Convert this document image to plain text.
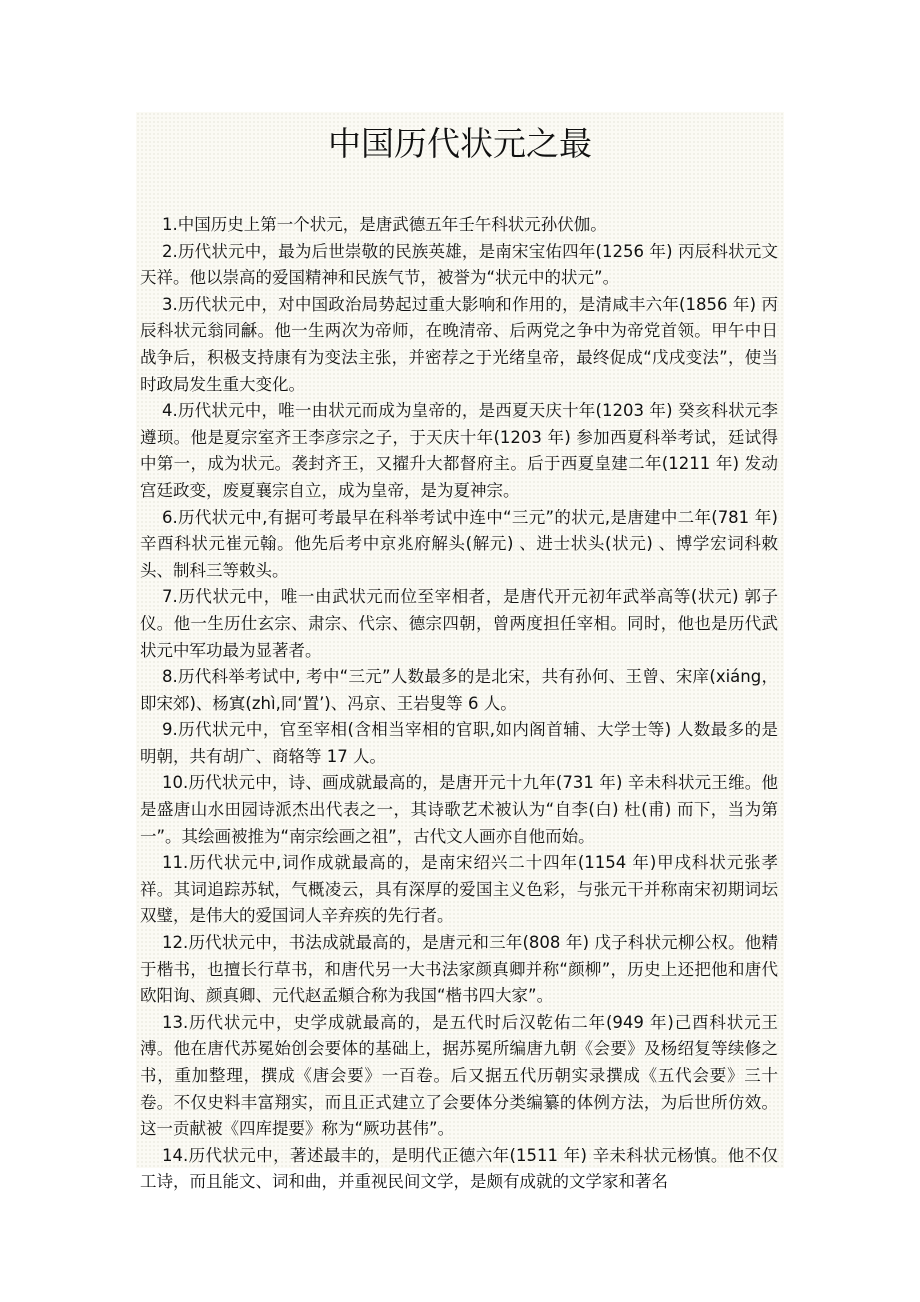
中国历代状元之最

1.中国历史上第一个状元，是唐武德五年壬午科状元孙伏伽。

2.历代状元中，最为后世崇敬的民族英雄，是南宋宝佑四年(1256 年) 丙辰科状元文天祥。他以崇高的爱国精神和民族气节，被誉为“状元中的状元”。

3.历代状元中，对中国政治局势起过重大影响和作用的，是清咸丰六年(1856 年) 丙辰科状元翁同龢。他一生两次为帝师，在晚清帝、后两党之争中为帝党首领。甲午中日战争后，积极支持康有为变法主张，并密荐之于光绪皇帝，最终促成“戊戌变法”，使当时政局发生重大变化。

4.历代状元中，唯一由状元而成为皇帝的，是西夏天庆十年(1203 年) 癸亥科状元李遵顼。他是夏宗室齐王李彦宗之子，于天庆十年(1203 年) 参加西夏科举考试，廷试得中第一，成为状元。袭封齐王，又擢升大都督府主。后于西夏皇建二年(1211 年) 发动宫廷政变，废夏襄宗自立，成为皇帝，是为夏神宗。

6.历代状元中,有据可考最早在科举考试中连中“三元”的状元,是唐建中二年(781 年) 辛酉科状元崔元翰。他先后考中京兆府解头(解元) 、进士状头(状元) 、博学宏词科敕头、制科三等敕头。

7.历代状元中，唯一由武状元而位至宰相者，是唐代开元初年武举高等(状元) 郭子仪。他一生历仕玄宗、肃宗、代宗、德宗四朝，曾两度担任宰相。同时，他也是历代武状元中军功最为显著者。

8.历代科举考试中, 考中“三元”人数最多的是北宋，共有孙何、王曾、宋庠(xiáng，即宋郊)、杨寘(zhì,同‘置’)、冯京、王岩叟等 6 人。

9.历代状元中，官至宰相(含相当宰相的官职,如内阁首辅、大学士等) 人数最多的是明朝，共有胡广、商辂等 17 人。

10.历代状元中，诗、画成就最高的，是唐开元十九年(731 年) 辛未科状元王维。他是盛唐山水田园诗派杰出代表之一，其诗歌艺术被认为“自李(白) 杜(甫) 而下，当为第一”。其绘画被推为“南宗绘画之祖”，古代文人画亦自他而始。

11.历代状元中,词作成就最高的，是南宋绍兴二十四年(1154 年)甲戌科状元张孝祥。其词追踪苏轼，气概凌云，具有深厚的爱国主义色彩，与张元干并称南宋初期词坛双璧，是伟大的爱国词人辛弃疾的先行者。

12.历代状元中，书法成就最高的，是唐元和三年(808 年) 戊子科状元柳公权。他精于楷书，也擅长行草书，和唐代另一大书法家颜真卿并称“颜柳”，历史上还把他和唐代欧阳询、颜真卿、元代赵孟頫合称为我国“楷书四大家”。

13.历代状元中，史学成就最高的，是五代时后汉乾佑二年(949 年)己酉科状元王溥。他在唐代苏冕始创会要体的基础上，据苏冕所编唐九朝《会要》及杨绍复等续修之书，重加整理，撰成《唐会要》一百卷。后又据五代历朝实录撰成《五代会要》三十卷。不仅史料丰富翔实，而且正式建立了会要体分类编纂的体例方法，为后世所仿效。这一贡献被《四库提要》称为“厥功甚伟”。

14.历代状元中，著述最丰的，是明代正德六年(1511 年) 辛未科状元杨慎。他不仅工诗，而且能文、词和曲，并重视民间文学，是颇有成就的文学家和著名
